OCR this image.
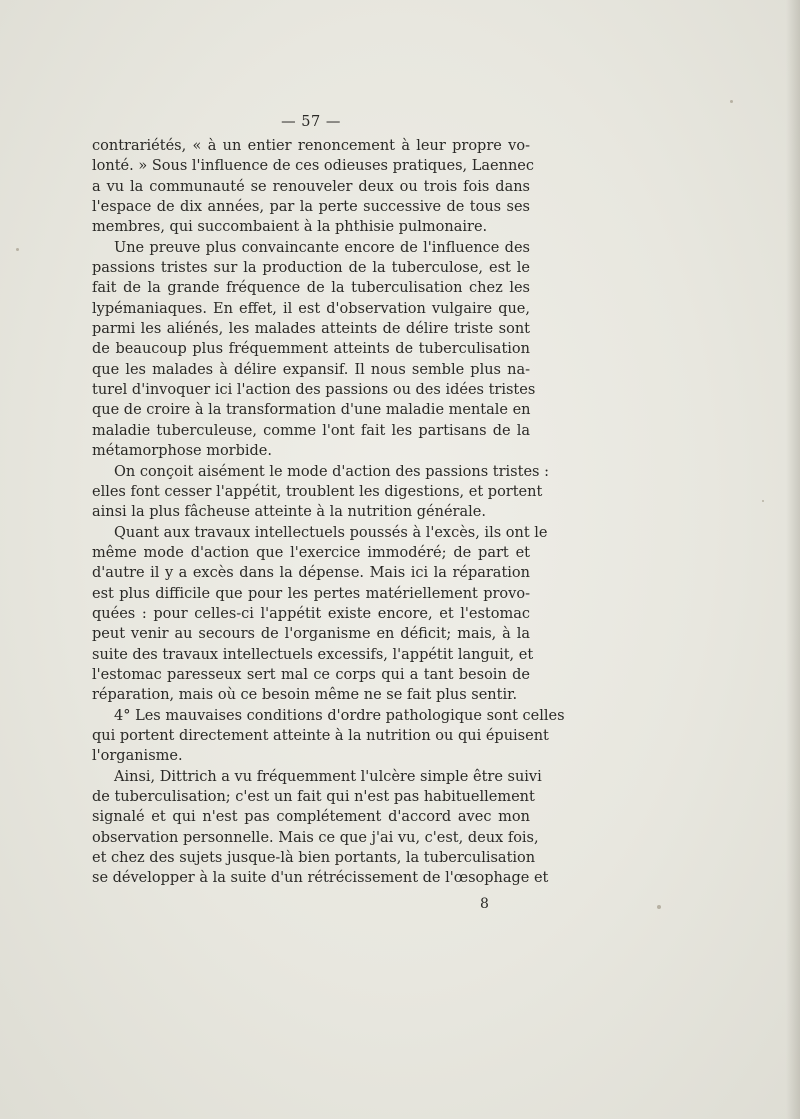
— 57 —
contrariétés, « à un entier renoncement à leur propre vo-
lonté. » Sous l'influence de ces odieuses pratiques, Laennec
a vu la communauté se renouveler deux ou trois fois dans
l'espace de dix années, par la perte successive de tous ses
membres, qui succombaient à la phthisie pulmonaire.
Une preuve plus convaincante encore de l'influence des
passions tristes sur la production de la tuberculose, est le
fait de la grande fréquence de la tuberculisation chez les
lypémaniaques. En effet, il est d'observation vulgaire que,
parmi les aliénés, les malades atteints de délire triste sont
de beaucoup plus fréquemment atteints de tuberculisation
que les malades à délire expansif. Il nous semble plus na-
turel d'invoquer ici l'action des passions ou des idées tristes
que de croire à la transformation d'une maladie mentale en
maladie tuberculeuse, comme l'ont fait les partisans de la
métamorphose morbide.
On conçoit aisément le mode d'action des passions tristes :
elles font cesser l'appétit, troublent les digestions, et portent
ainsi la plus fâcheuse atteinte à la nutrition générale.
Quant aux travaux intellectuels poussés à l'excès, ils ont le
même mode d'action que l'exercice immodéré; de part et
d'autre il y a excès dans la dépense. Mais ici la réparation
est plus difficile que pour les pertes matériellement provo-
quées : pour celles-ci l'appétit existe encore, et l'estomac
peut venir au secours de l'organisme en déficit; mais, à la
suite des travaux intellectuels excessifs, l'appétit languit, et
l'estomac paresseux sert mal ce corps qui a tant besoin de
réparation, mais où ce besoin même ne se fait plus sentir.
4° Les mauvaises conditions d'ordre pathologique sont celles
qui portent directement atteinte à la nutrition ou qui épuisent
l'organisme.
Ainsi, Dittrich a vu fréquemment l'ulcère simple être suivi
de tuberculisation; c'est un fait qui n'est pas habituellement
signalé et qui n'est pas complétement d'accord avec mon
observation personnelle. Mais ce que j'ai vu, c'est, deux fois,
et chez des sujets jusque-là bien portants, la tuberculisation
se développer à la suite d'un rétrécissement de l'œsophage et
8
